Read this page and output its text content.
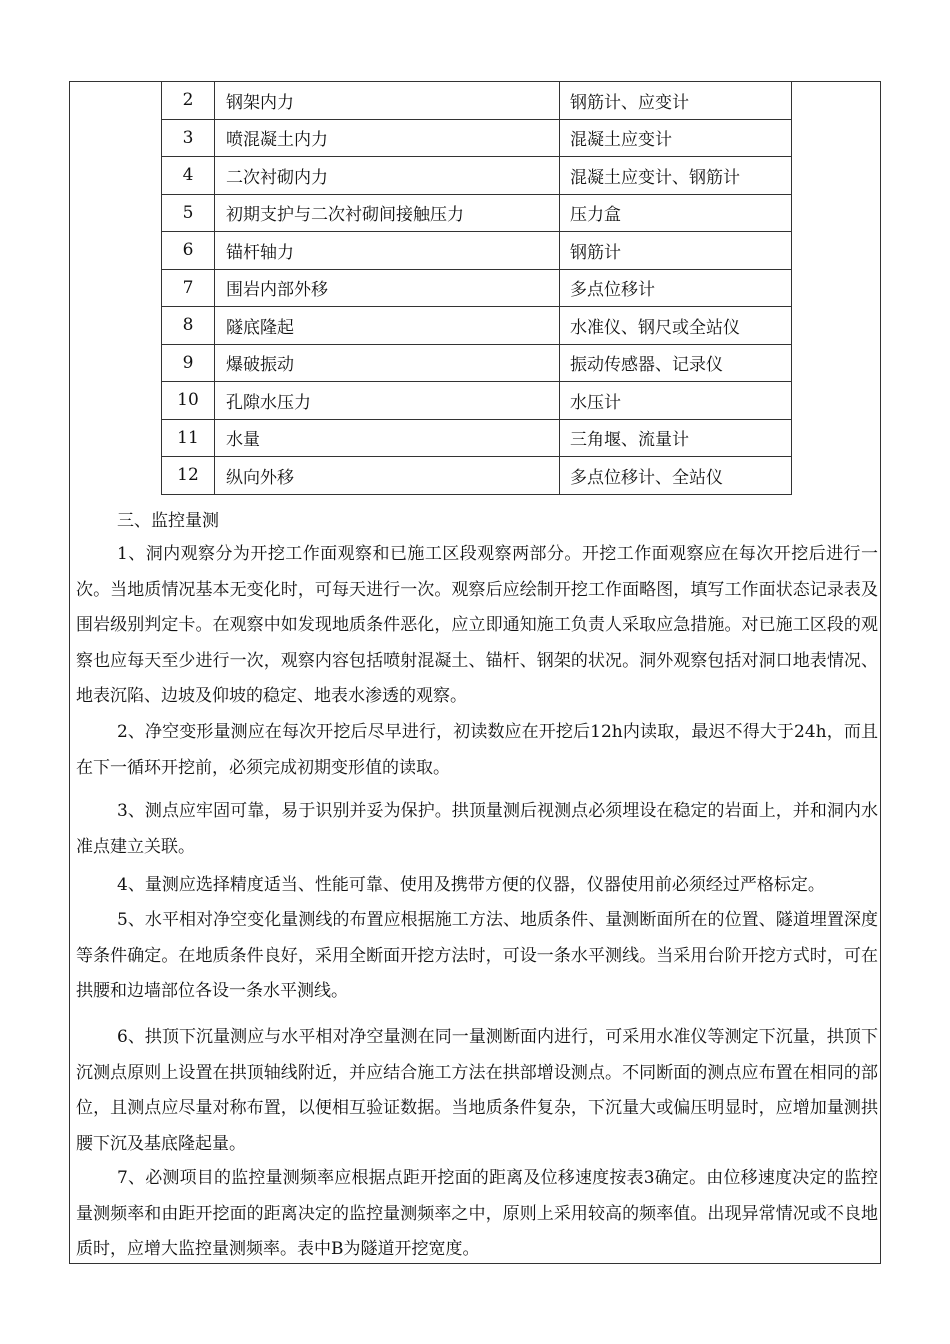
2	钢架内力	钢筋计、应变计
3	喷混凝土内力	混凝土应变计
4	二次衬砌内力	混凝土应变计、钢筋计
5	初期支护与二次衬砌间接触压力	压力盒
6	锚杆轴力	钢筋计
7	围岩内部外移	多点位移计
8	隧底隆起	水准仪、钢尺或全站仪
9	爆破振动	振动传感器、记录仪
10	孔隙水压力	水压计
11	水量	三角堰、流量计
12	纵向外移	多点位移计、全站仪
三、监控量测

1、洞内观察分为开挖工作面观察和已施工区段观察两部分。开挖工作面观察应在每次开挖后进行一次。当地质情况基本无变化时，可每天进行一次。观察后应绘制开挖工作面略图，填写工作面状态记录表及围岩级别判定卡。在观察中如发现地质条件恶化，应立即通知施工负责人采取应急措施。对已施工区段的观察也应每天至少进行一次，观察内容包括喷射混凝土、锚杆、钢架的状况。洞外观察包括对洞口地表情况、地表沉陷、边坡及仰坡的稳定、地表水渗透的观察。

2、净空变形量测应在每次开挖后尽早进行，初读数应在开挖后12h内读取，最迟不得大于24h，而且在下一循环开挖前，必须完成初期变形值的读取。

3、测点应牢固可靠，易于识别并妥为保护。拱顶量测后视测点必须埋设在稳定的岩面上，并和洞内水准点建立关联。

4、量测应选择精度适当、性能可靠、使用及携带方便的仪器，仪器使用前必须经过严格标定。

5、水平相对净空变化量测线的布置应根据施工方法、地质条件、量测断面所在的位置、隧道埋置深度等条件确定。在地质条件良好，采用全断面开挖方法时，可设一条水平测线。当采用台阶开挖方式时，可在拱腰和边墙部位各设一条水平测线。

6、拱顶下沉量测应与水平相对净空量测在同一量测断面内进行，可采用水准仪等测定下沉量，拱顶下沉测点原则上设置在拱顶轴线附近，并应结合施工方法在拱部增设测点。不同断面的测点应布置在相同的部位，且测点应尽量对称布置，以便相互验证数据。当地质条件复杂，下沉量大或偏压明显时，应增加量测拱腰下沉及基底隆起量。

7、必测项目的监控量测频率应根据点距开挖面的距离及位移速度按表3确定。由位移速度决定的监控量测频率和由距开挖面的距离决定的监控量测频率之中，原则上采用较高的频率值。出现异常情况或不良地质时，应增大监控量测频率。表中B为隧道开挖宽度。
